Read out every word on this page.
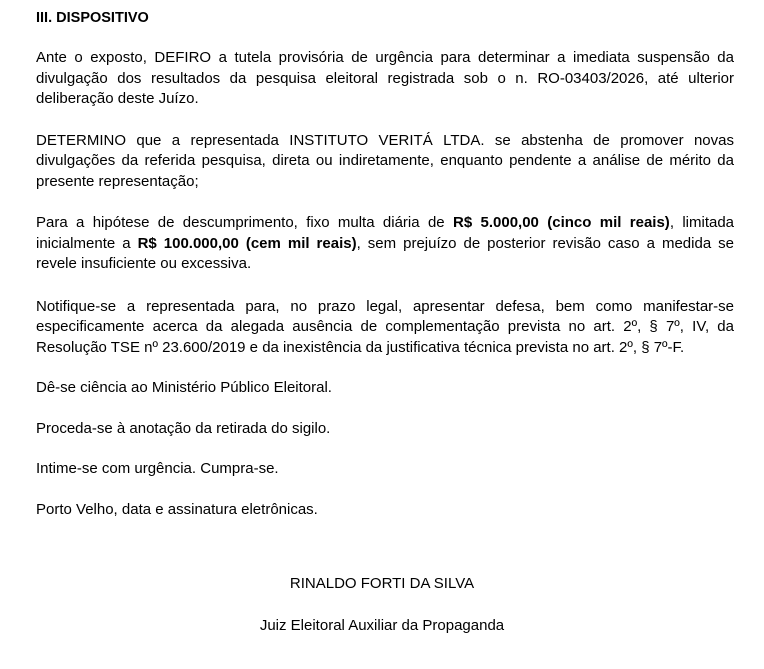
III. DISPOSITIVO

Ante o exposto, DEFIRO a tutela provisória de urgência para determinar a imediata suspensão da divulgação dos resultados da pesquisa eleitoral registrada sob o n. RO-03403/2026, até ulterior deliberação deste Juízo.

DETERMINO que a representada INSTITUTO VERITÁ LTDA. se abstenha de promover novas divulgações da referida pesquisa, direta ou indiretamente, enquanto pendente a análise de mérito da presente representação;

Para a hipótese de descumprimento, fixo multa diária de R$ 5.000,00 (cinco mil reais), limitada inicialmente a R$ 100.000,00 (cem mil reais), sem prejuízo de posterior revisão caso a medida se revele insuficiente ou excessiva.

Notifique-se a representada para, no prazo legal, apresentar defesa, bem como manifestar-se especificamente acerca da alegada ausência de complementação prevista no art. 2º, § 7º, IV, da Resolução TSE nº 23.600/2019 e da inexistência da justificativa técnica prevista no art. 2º, § 7º-F.

Dê-se ciência ao Ministério Público Eleitoral.

Proceda-se à anotação da retirada do sigilo.

Intime-se com urgência. Cumpra-se.

Porto Velho, data e assinatura eletrônicas.

RINALDO FORTI DA SILVA
Juiz Eleitoral Auxiliar da Propaganda
